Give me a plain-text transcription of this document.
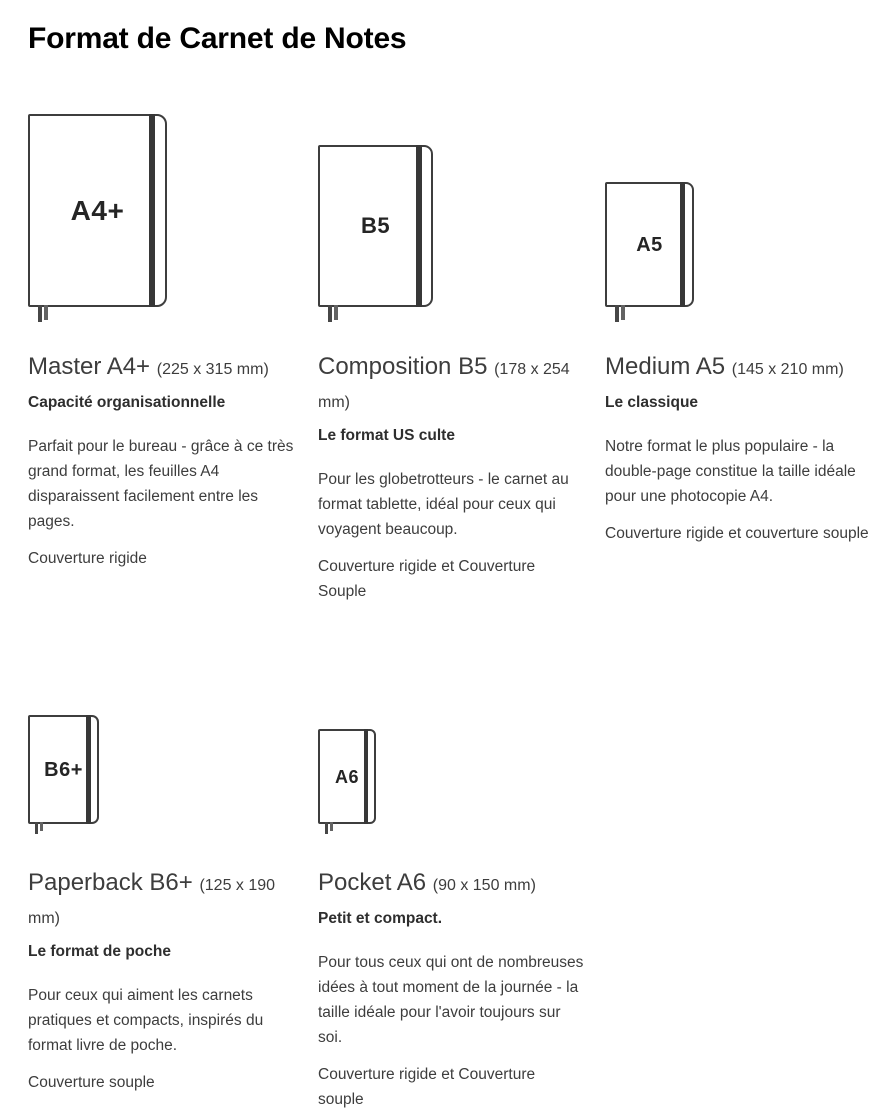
Format de Carnet de Notes
A4+
Master A4+ (225 x 315 mm)
Capacité organisationnelle

Parfait pour le bureau - grâce à ce très grand format, les feuilles A4 disparaissent facilement entre les pages.

Couverture rigide

B5
Composition B5 (178 x 254 mm)
Le format US culte

Pour les globetrotteurs - le carnet au format tablette, idéal pour ceux qui voyagent beaucoup.

Couverture rigide et Couverture Souple

A5
Medium A5 (145 x 210 mm)
Le classique

Notre format le plus populaire - la double-page constitue la taille idéale pour une photocopie A4.

Couverture rigide et couverture souple

B6+
Paperback B6+ (125 x 190 mm)
Le format de poche

Pour ceux qui aiment les carnets pratiques et compacts, inspirés du format livre de poche.

Couverture souple

A6
Pocket A6 (90 x 150 mm)
Petit et compact.

Pour tous ceux qui ont de nombreuses idées à tout moment de la journée - la taille idéale pour l'avoir toujours sur soi.

Couverture rigide et Couverture souple
